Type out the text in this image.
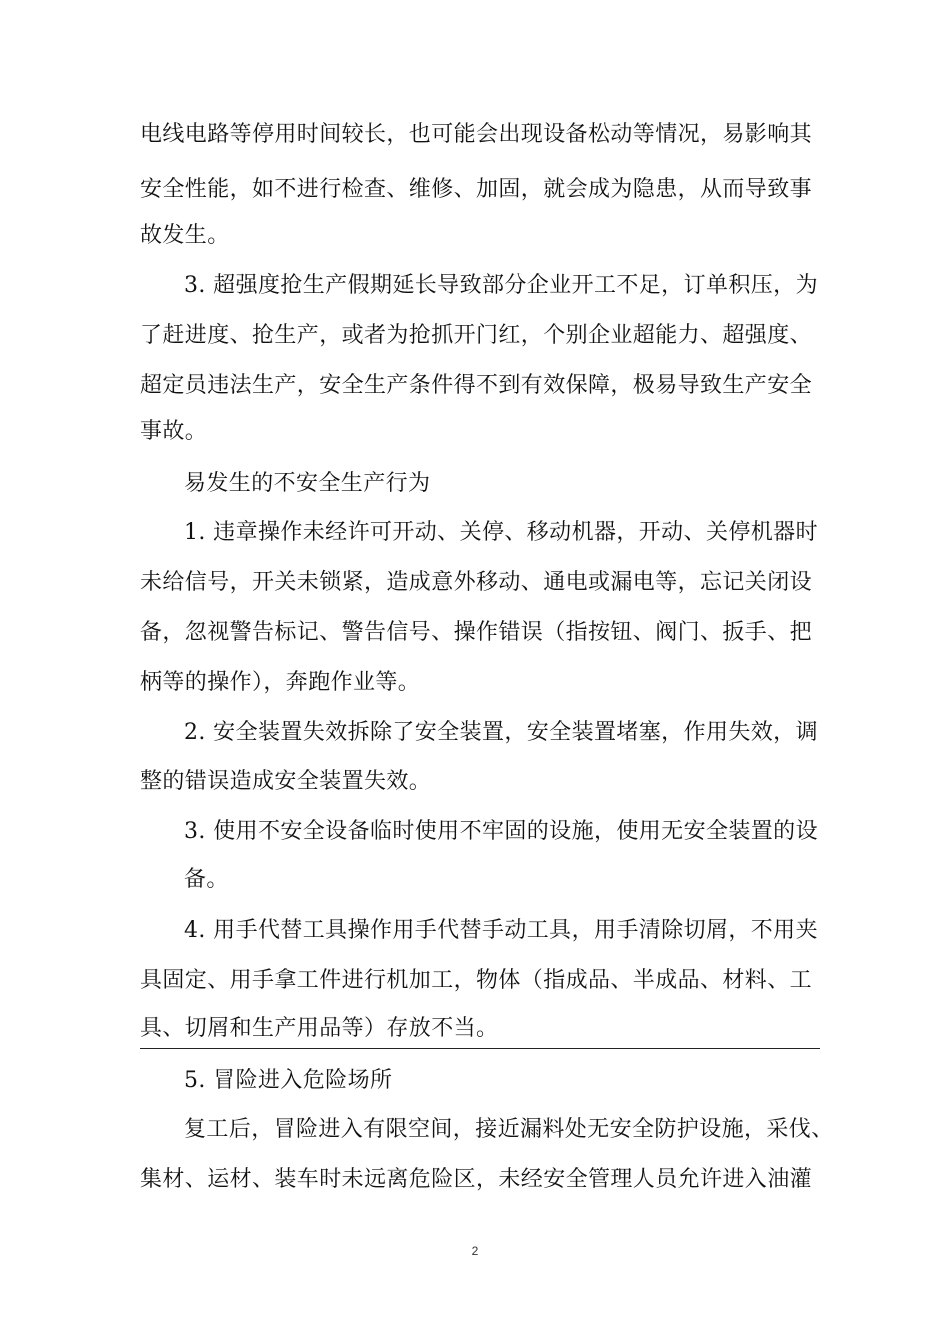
电线电路等停用时间较长，也可能会出现设备松动等情况，易影响其
安全性能，如不进行检查、维修、加固，就会成为隐患，从而导致事
故发生。
3. 超强度抢生产假期延长导致部分企业开工不足，订单积压，为
了赶进度、抢生产，或者为抢抓开门红，个别企业超能力、超强度、
超定员违法生产，安全生产条件得不到有效保障，极易导致生产安全
事故。
易发生的不安全生产行为
1. 违章操作未经许可开动、关停、移动机器，开动、关停机器时
未给信号，开关未锁紧，造成意外移动、通电或漏电等，忘记关闭设
备，忽视警告标记、警告信号、操作错误（指按钮、阀门、扳手、把
柄等的操作），奔跑作业等。
2. 安全装置失效拆除了安全装置，安全装置堵塞，作用失效，调
整的错误造成安全装置失效。
3. 使用不安全设备临时使用不牢固的设施，使用无安全装置的设
备。
4. 用手代替工具操作用手代替手动工具，用手清除切屑，不用夹
具固定、用手拿工件进行机加工，物体（指成品、半成品、材料、工
具、切屑和生产用品等）存放不当。
5. 冒险进入危险场所
复工后，冒险进入有限空间，接近漏料处无安全防护设施，采伐、
集材、运材、装车时未远离危险区，未经安全管理人员允许进入油灌
2
